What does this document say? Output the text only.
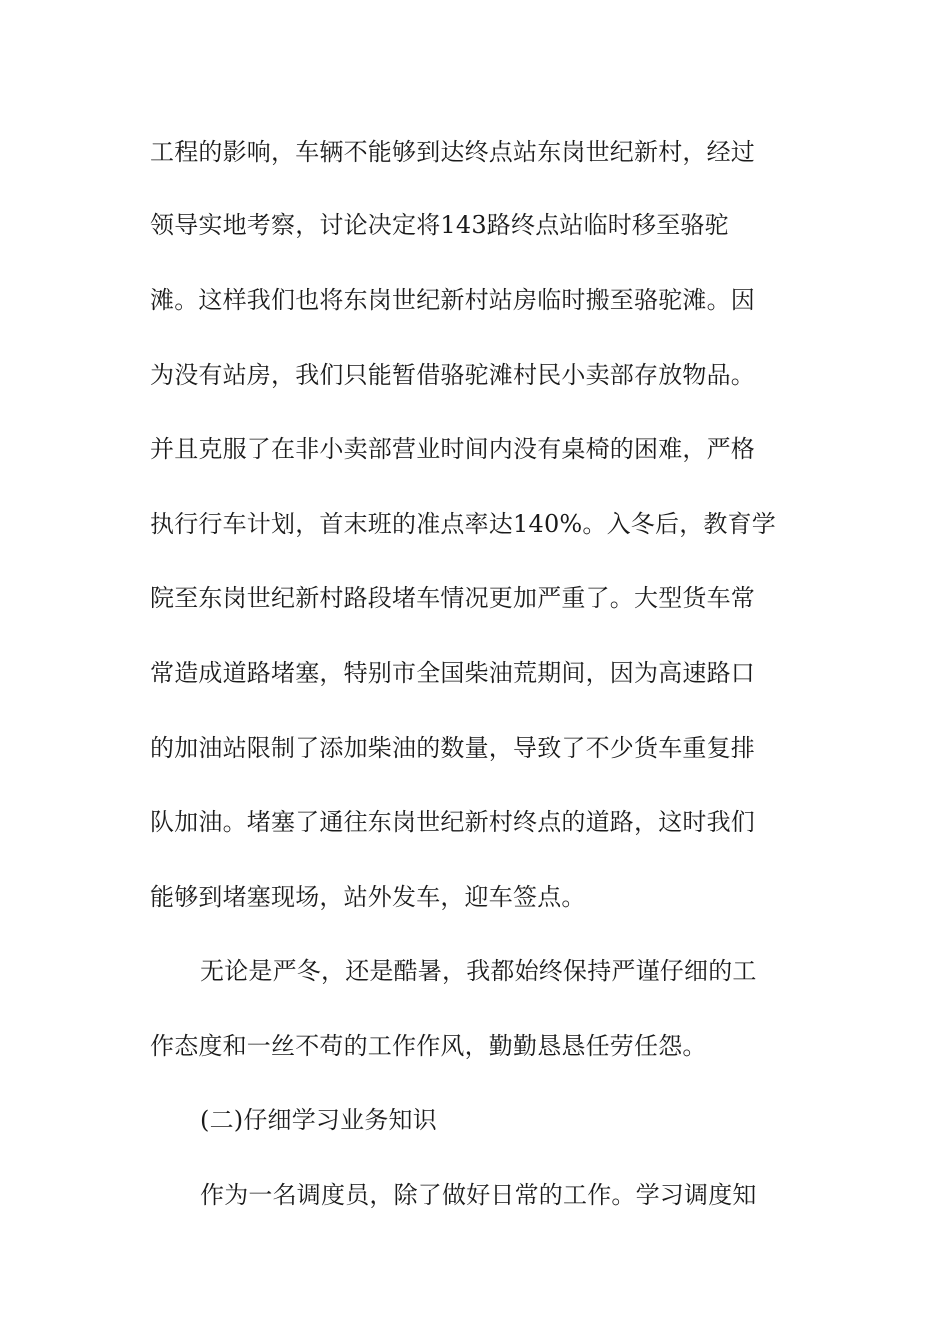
工程的影响，车辆不能够到达终点站东岗世纪新村，经过
领导实地考察，讨论决定将143路终点站临时移至骆驼
滩。这样我们也将东岗世纪新村站房临时搬至骆驼滩。因
为没有站房，我们只能暂借骆驼滩村民小卖部存放物品。
并且克服了在非小卖部营业时间内没有桌椅的困难，严格
执行行车计划，首末班的准点率达140%。入冬后，教育学
院至东岗世纪新村路段堵车情况更加严重了。大型货车常
常造成道路堵塞，特别市全国柴油荒期间，因为高速路口
的加油站限制了添加柴油的数量，导致了不少货车重复排
队加油。堵塞了通往东岗世纪新村终点的道路，这时我们
能够到堵塞现场，站外发车，迎车签点。
无论是严冬，还是酷暑，我都始终保持严谨仔细的工
作态度和一丝不苟的工作作风，勤勤恳恳任劳任怨。
(二)仔细学习业务知识
作为一名调度员，除了做好日常的工作。学习调度知
